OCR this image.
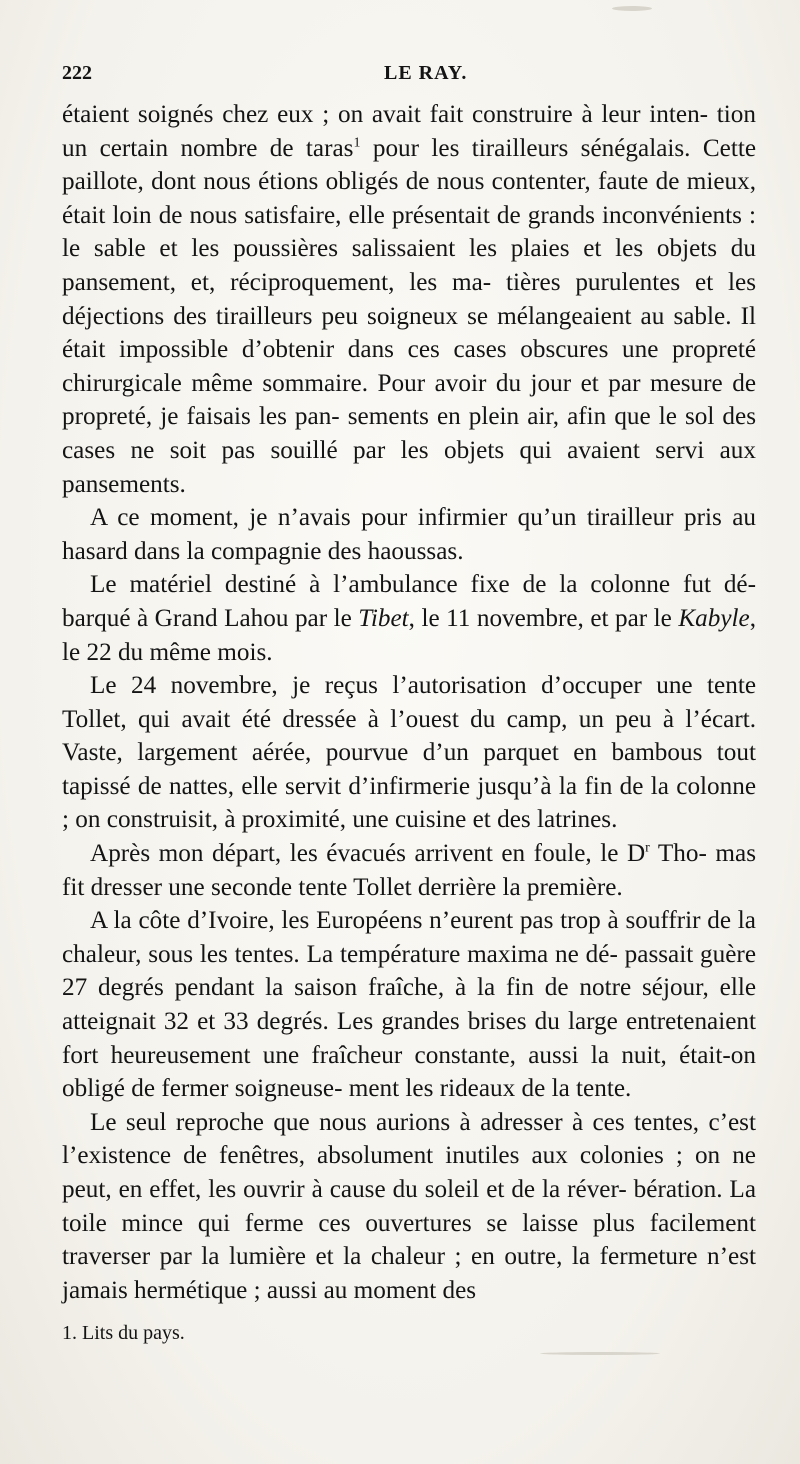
222	LE RAY.

étaient soignés chez eux ; on avait fait construire à leur inten- tion un certain nombre de taras$^1$ pour les tirailleurs sénégalais. Cette paillote, dont nous étions obligés de nous contenter, faute de mieux, était loin de nous satisfaire, elle présentait de grands inconvénients : le sable et les poussières salissaient les plaies et les objets du pansement, et, réciproquement, les ma- tières purulentes et les déjections des tirailleurs peu soigneux se mélangeaient au sable. Il était impossible d’obtenir dans ces cases obscures une propreté chirurgicale même sommaire. Pour avoir du jour et par mesure de propreté, je faisais les pan- sements en plein air, afin que le sol des cases ne soit pas souillé par les objets qui avaient servi aux pansements.

A ce moment, je n’avais pour infirmier qu’un tirailleur pris au hasard dans la compagnie des haoussas.

Le matériel destiné à l’ambulance fixe de la colonne fut dé- barqué à Grand Lahou par le Tibet, le 11 novembre, et par le Kabyle, le 22 du même mois.

Le 24 novembre, je reçus l’autorisation d’occuper une tente Tollet, qui avait été dressée à l’ouest du camp, un peu à l’écart. Vaste, largement aérée, pourvue d’un parquet en bambous tout tapissé de nattes, elle servit d’infirmerie jusqu’à la fin de la colonne ; on construisit, à proximité, une cuisine et des latrines.

Après mon départ, les évacués arrivent en foule, le $D^r$ Tho- mas fit dresser une seconde tente Tollet derrière la première.

A la côte d’Ivoire, les Européens n’eurent pas trop à souffrir de la chaleur, sous les tentes. La température maxima ne dé- passait guère 27 degrés pendant la saison fraîche, à la fin de notre séjour, elle atteignait 32 et 33 degrés. Les grandes brises du large entretenaient fort heureusement une fraîcheur constante, aussi la nuit, était-on obligé de fermer soigneuse- ment les rideaux de la tente.

Le seul reproche que nous aurions à adresser à ces tentes, c’est l’existence de fenêtres, absolument inutiles aux colonies ; on ne peut, en effet, les ouvrir à cause du soleil et de la réver- bération. La toile mince qui ferme ces ouvertures se laisse plus facilement traverser par la lumière et la chaleur ; en outre, la fermeture n’est jamais hermétique ; aussi au moment des

1. Lits du pays.
